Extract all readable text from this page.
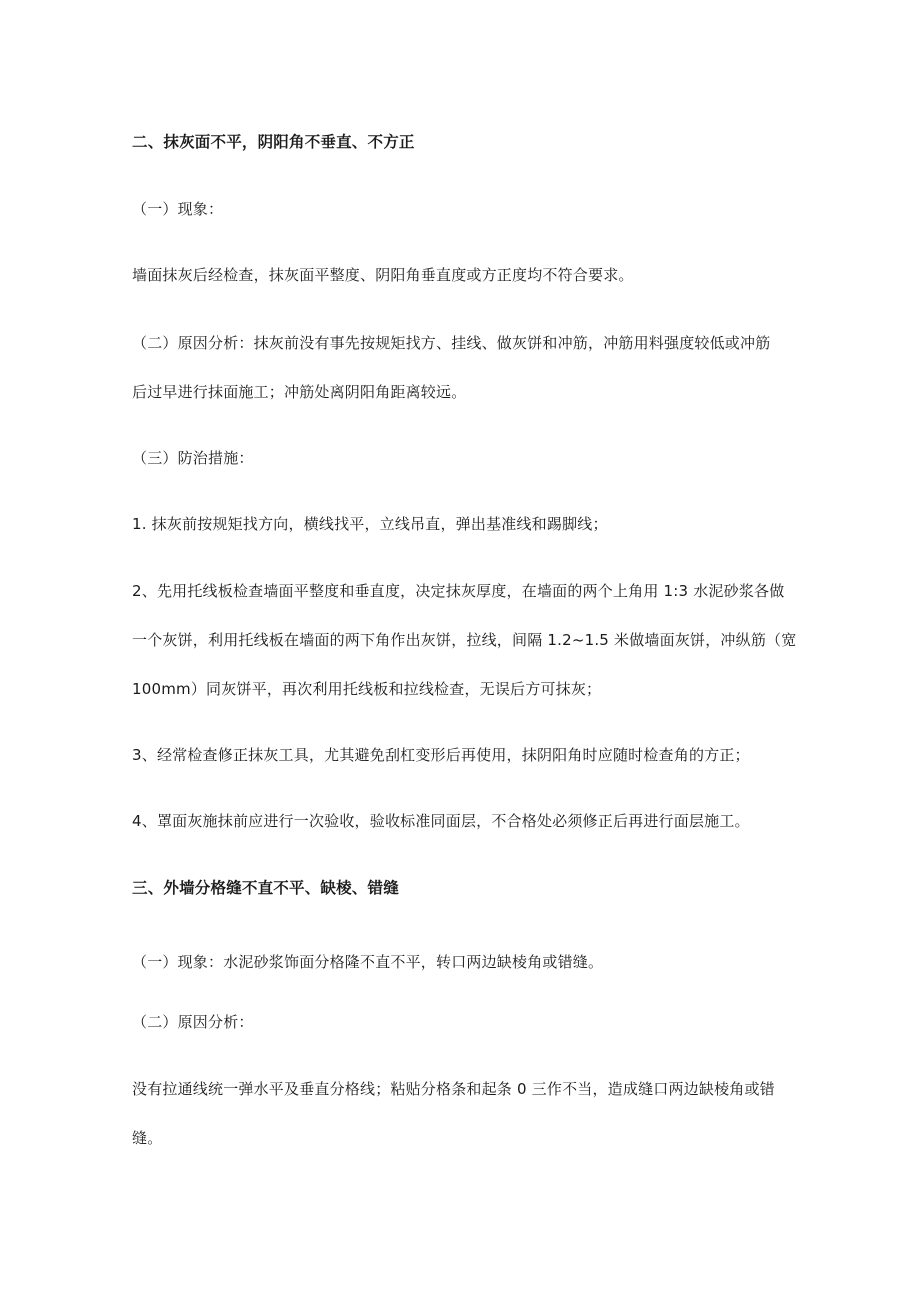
二、抹灰面不平，阴阳角不垂直、不方正

（一）现象：

墙面抹灰后经检查，抹灰面平整度、阴阳角垂直度或方正度均不符合要求。

（二）原因分析：抹灰前没有事先按规矩找方、挂线、做灰饼和冲筋，冲筋用料强度较低或冲筋

后过早进行抹面施工；冲筋处离阴阳角距离较远。

（三）防治措施：

1. 抹灰前按规矩找方向，横线找平，立线吊直，弹出基准线和踢脚线；

2、先用托线板检查墙面平整度和垂直度，决定抹灰厚度，在墙面的两个上角用 1:3 水泥砂浆各做

一个灰饼，利用托线板在墙面的两下角作出灰饼，拉线，间隔 1.2~1.5 米做墙面灰饼，冲纵筋（宽

100mm）同灰饼平，再次利用托线板和拉线检查，无误后方可抹灰；

3、经常检查修正抹灰工具，尤其避免刮杠变形后再使用，抹阴阳角时应随时检查角的方正；

4、罩面灰施抹前应进行一次验收，验收标准同面层，不合格处必须修正后再进行面层施工。

三、外墙分格缝不直不平、缺棱、错缝

（一）现象：水泥砂浆饰面分格隆不直不平，转口两边缺棱角或错缝。

（二）原因分析：

没有拉通线统一弹水平及垂直分格线；粘贴分格条和起条 0 三作不当，造成缝口两边缺棱角或错

缝。
